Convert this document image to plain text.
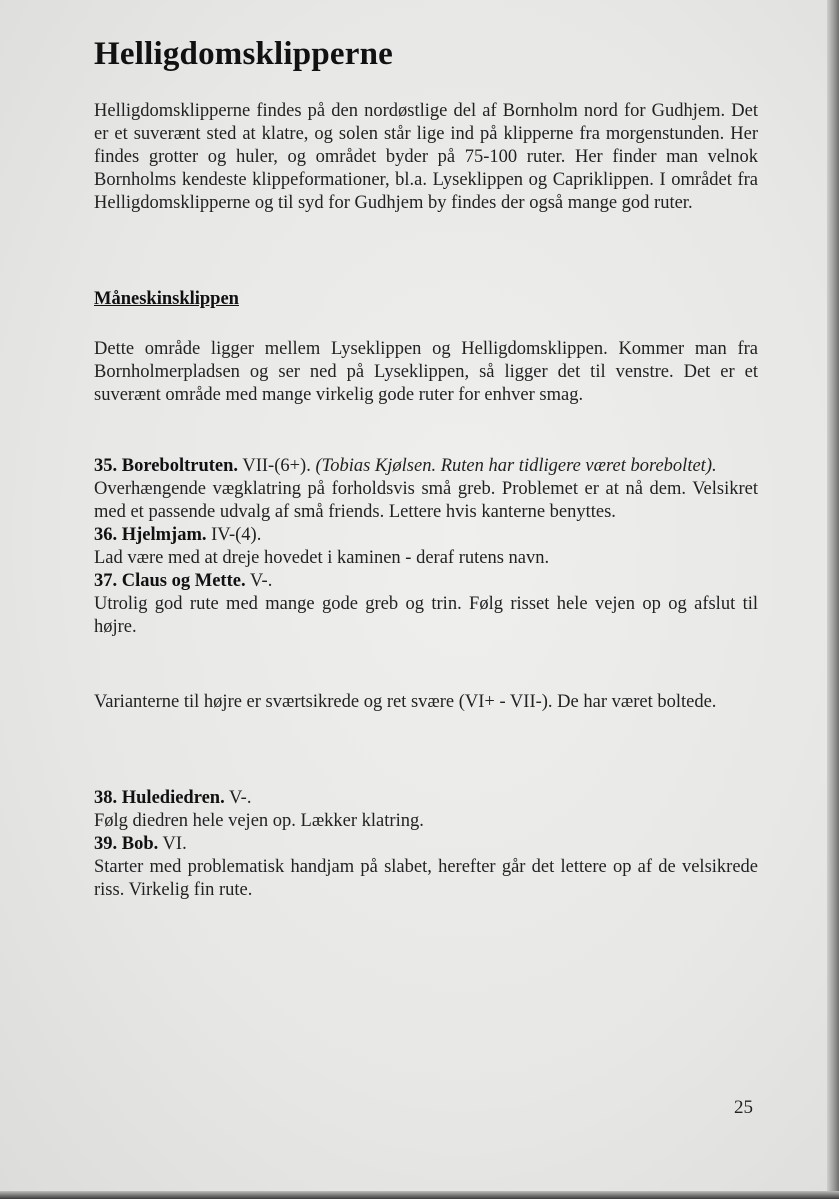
Helligdomsklipperne

Helligdomsklipperne findes på den nordøstlige del af Bornholm nord for Gudhjem. Det er et suverænt sted at klatre, og solen står lige ind på klipperne fra morgenstunden. Her findes grotter og huler, og området byder på 75-100 ruter. Her finder man velnok Bornholms kendeste klippeformationer, bl.a. Lyseklippen og Capriklippen. I området fra Helligdomsklipperne og til syd for Gudhjem by findes der også mange god ruter.

Måneskinsklippen

Dette område ligger mellem Lyseklippen og Helligdomsklippen. Kommer man fra Bornholmerpladsen og ser ned på Lyseklippen, så ligger det til venstre. Det er et suverænt område med mange virkelig gode ruter for enhver smag.

35. Boreboltruten. VII-(6+). (Tobias Kjølsen. Ruten har tidligere været boreboltet).
Overhængende vægklatring på forholdsvis små greb. Problemet er at nå dem. Velsikret med et passende udvalg af små friends. Lettere hvis kanterne benyttes.
36. Hjelmjam. IV-(4).
Lad være med at dreje hovedet i kaminen - deraf rutens navn.
37. Claus og Mette. V-.
Utrolig god rute med mange gode greb og trin. Følg risset hele vejen op og afslut til højre.

Varianterne til højre er sværtsikrede og ret svære (VI+ - VII-). De har været boltede.

38. Hulediedren. V-.
Følg diedren hele vejen op. Lækker klatring.
39. Bob. VI.
Starter med problematisk handjam på slabet, herefter går det lettere op af de velsikrede riss. Virkelig fin rute.

25
